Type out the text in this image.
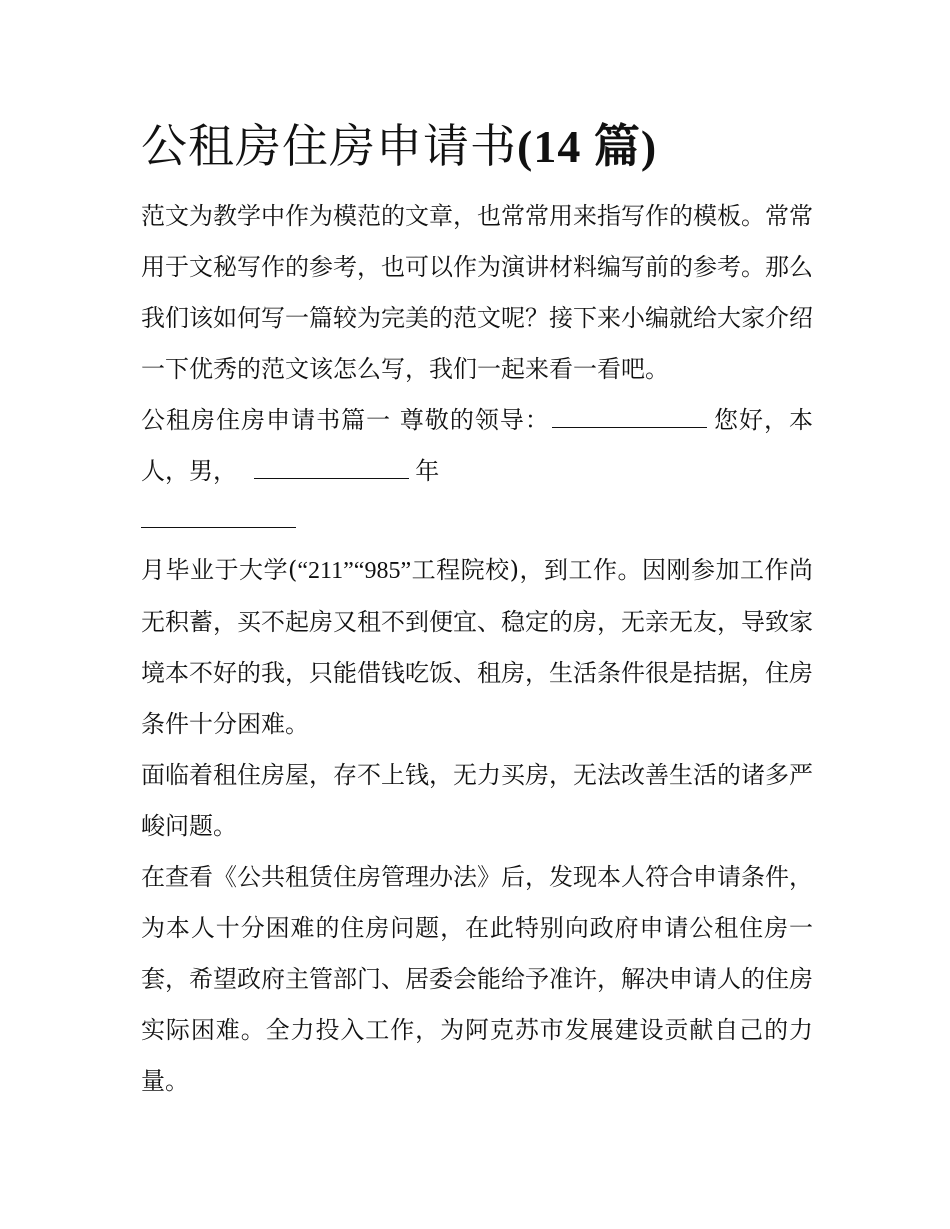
公租房住房申请书(14 篇)

范文为教学中作为模范的文章，也常常用来指写作的模板。常常用于文秘写作的参考，也可以作为演讲材料编写前的参考。那么我们该如何写一篇较为完美的范文呢？接下来小编就给大家介绍一下优秀的范文该怎么写，我们一起来看一看吧。

公租房住房申请书篇一 尊敬的领导：	您好，本人，男，	年

月毕业于大学(“211”“985”工程院校)，到工作。因刚参加工作尚无积蓄，买不起房又租不到便宜、稳定的房，无亲无友，导致家境本不好的我，只能借钱吃饭、租房，生活条件很是拮据，住房条件十分困难。

面临着租住房屋，存不上钱，无力买房，无法改善生活的诸多严峻问题。

在查看《公共租赁住房管理办法》后，发现本人符合申请条件，为本人十分困难的住房问题，在此特别向政府申请公租住房一套，希望政府主管部门、居委会能给予准许，解决申请人的住房实际困难。全力投入工作，为阿克苏市发展建设贡献自己的力量。
